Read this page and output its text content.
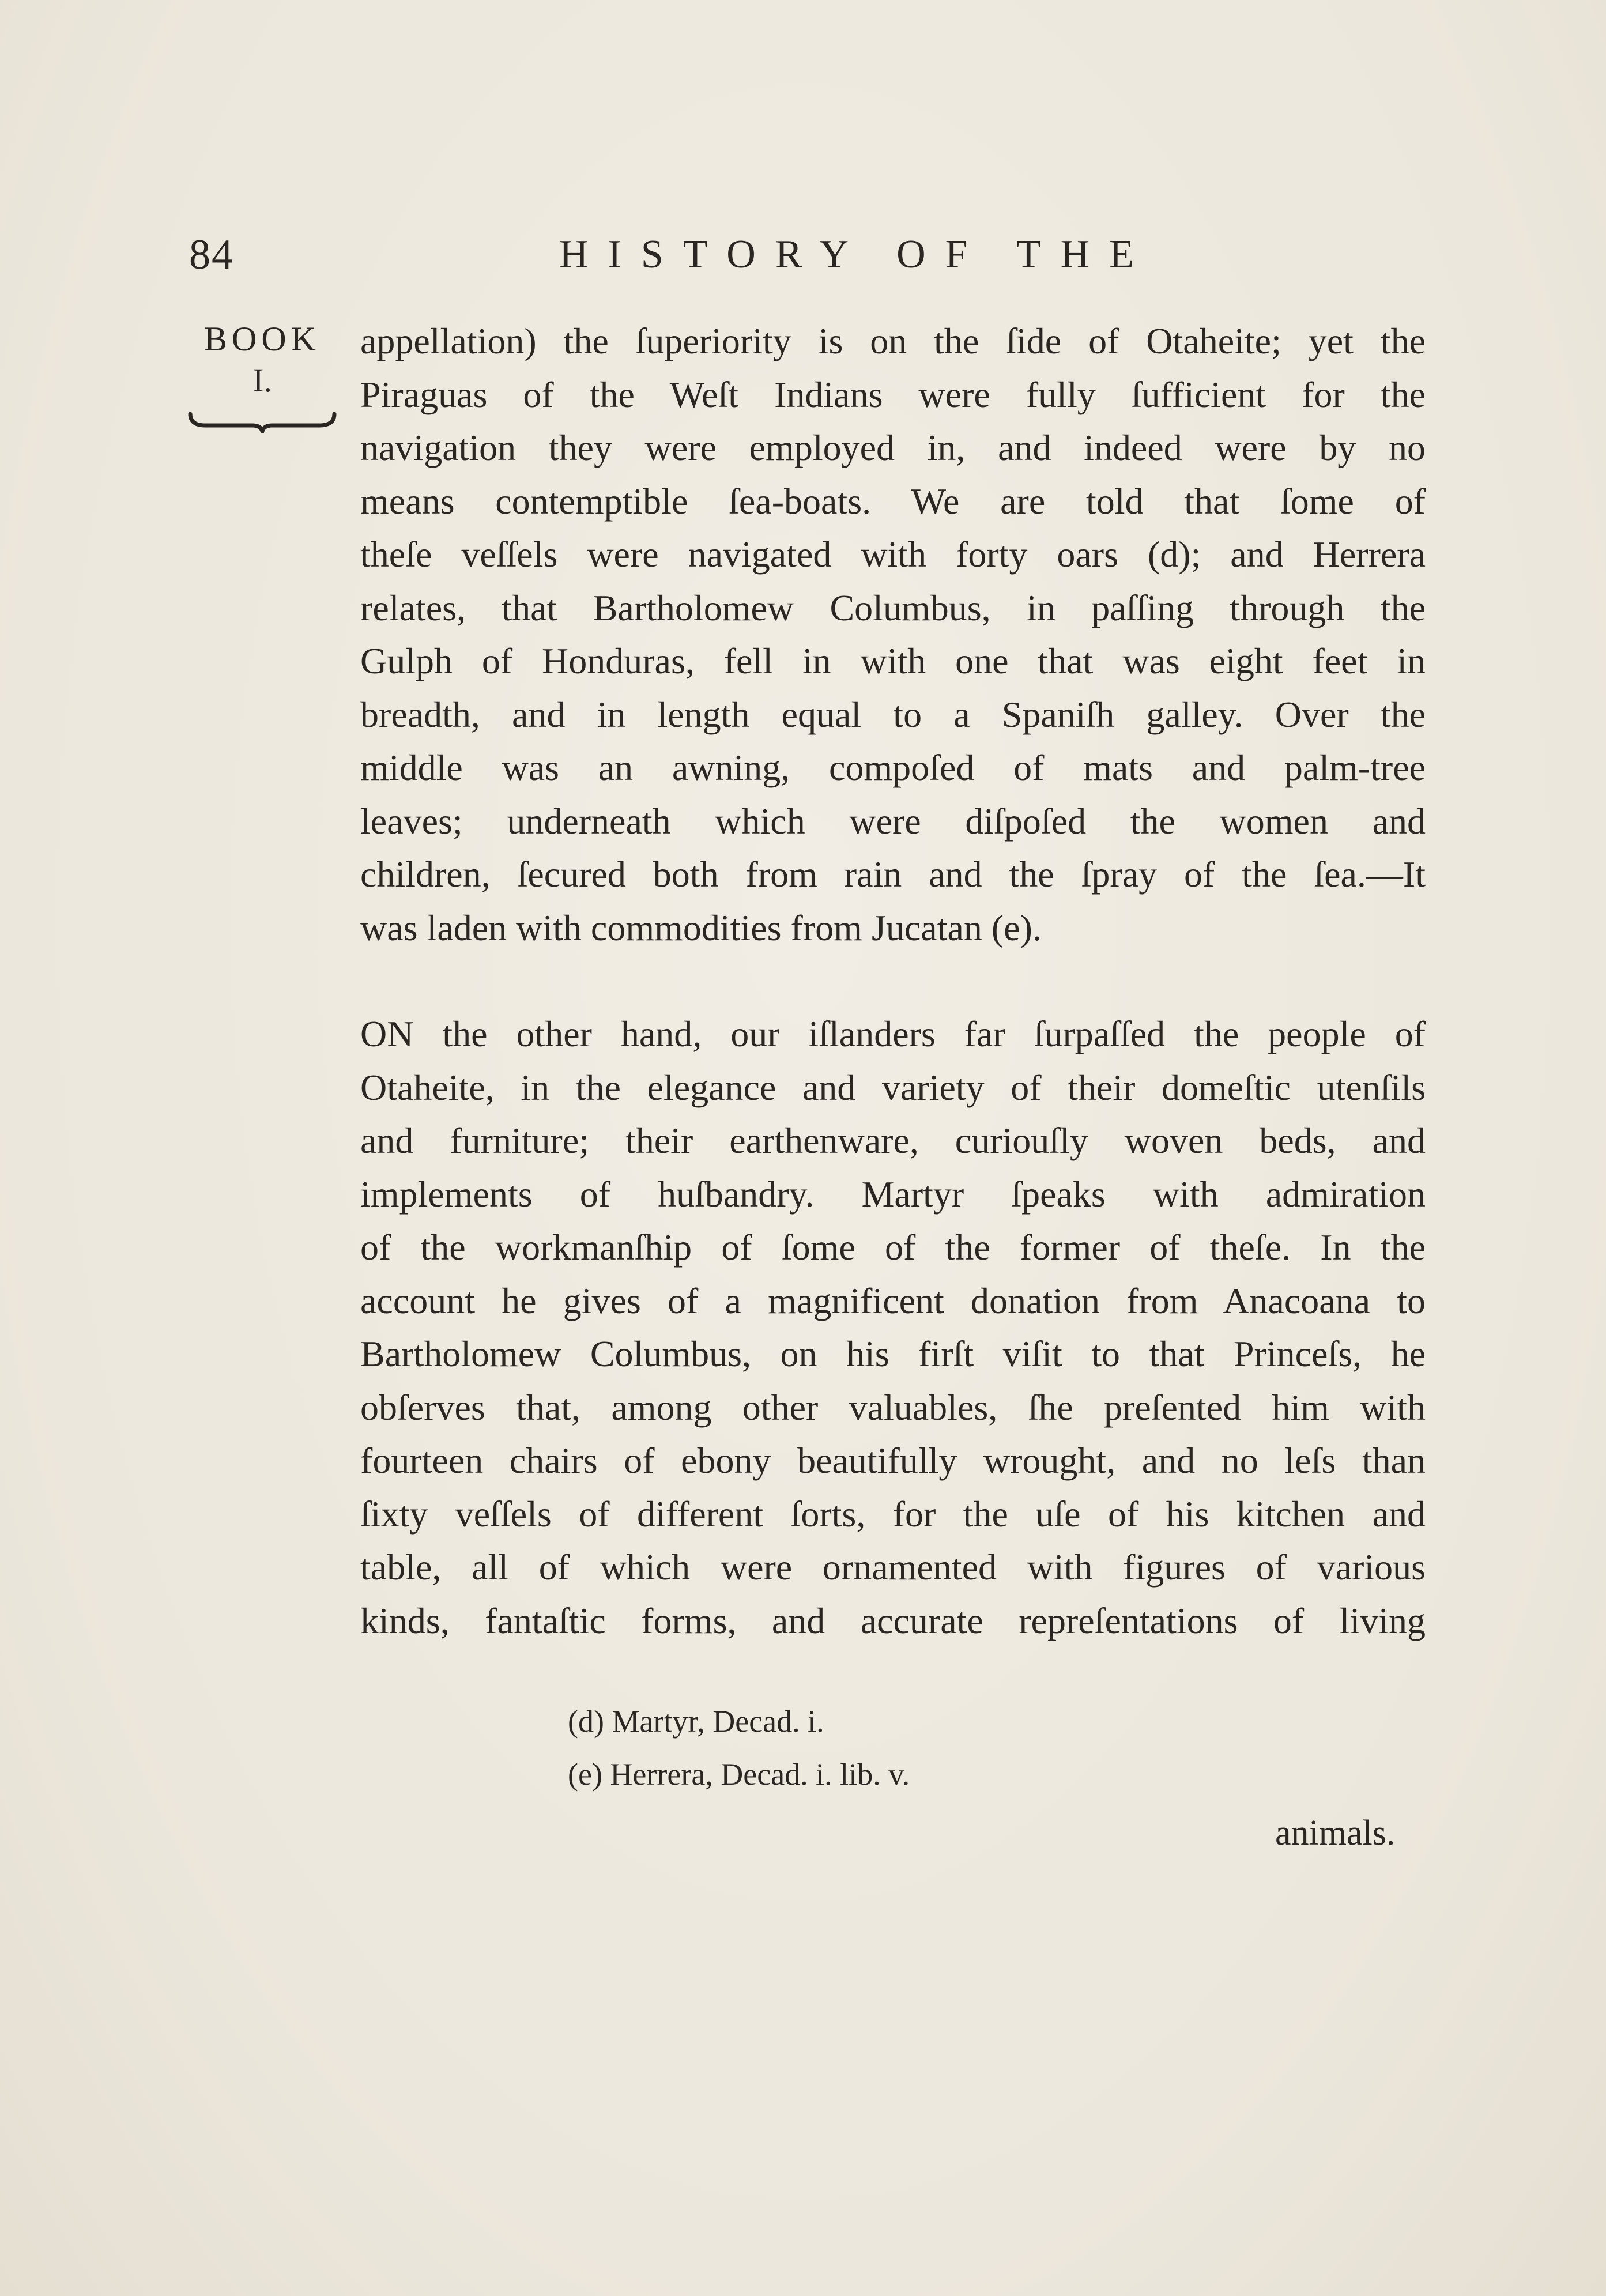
84	HISTORY OF THE
BOOK
I.
appellation) the ſuperiority is on the ſide of Otaheite; yet the
Piraguas of the Weſt Indians were fully ſufficient for the
navigation they were employed in, and indeed were by no
means contemptible ſea-boats. We are told that ſome of
theſe veſſels were navigated with forty oars (d); and Herrera
relates, that Bartholomew Columbus, in paſſing through the
Gulph of Honduras, fell in with one that was eight feet in
breadth, and in length equal to a Spaniſh galley. Over the
middle was an awning, compoſed of mats and palm-tree
leaves; underneath which were diſpoſed the women and
children, ſecured both from rain and the ſpray of the ſea.—It
was laden with commodities from Jucatan (e).
ON the other hand, our iſlanders far ſurpaſſed the people of
Otaheite, in the elegance and variety of their domeſtic utenſils
and furniture; their earthenware, curiouſly woven beds, and
implements of huſbandry. Martyr ſpeaks with admiration
of the workmanſhip of ſome of the former of theſe. In the
account he gives of a magnificent donation from Anacoana to
Bartholomew Columbus, on his firſt viſit to that Princeſs, he
obſerves that, among other valuables, ſhe preſented him with
fourteen chairs of ebony beautifully wrought, and no leſs than
ſixty veſſels of different ſorts, for the uſe of his kitchen and
table, all of which were ornamented with figures of various
kinds, fantaſtic forms, and accurate repreſentations of living
(d) Martyr, Decad. i.
(e) Herrera, Decad. i. lib. v.
animals.
